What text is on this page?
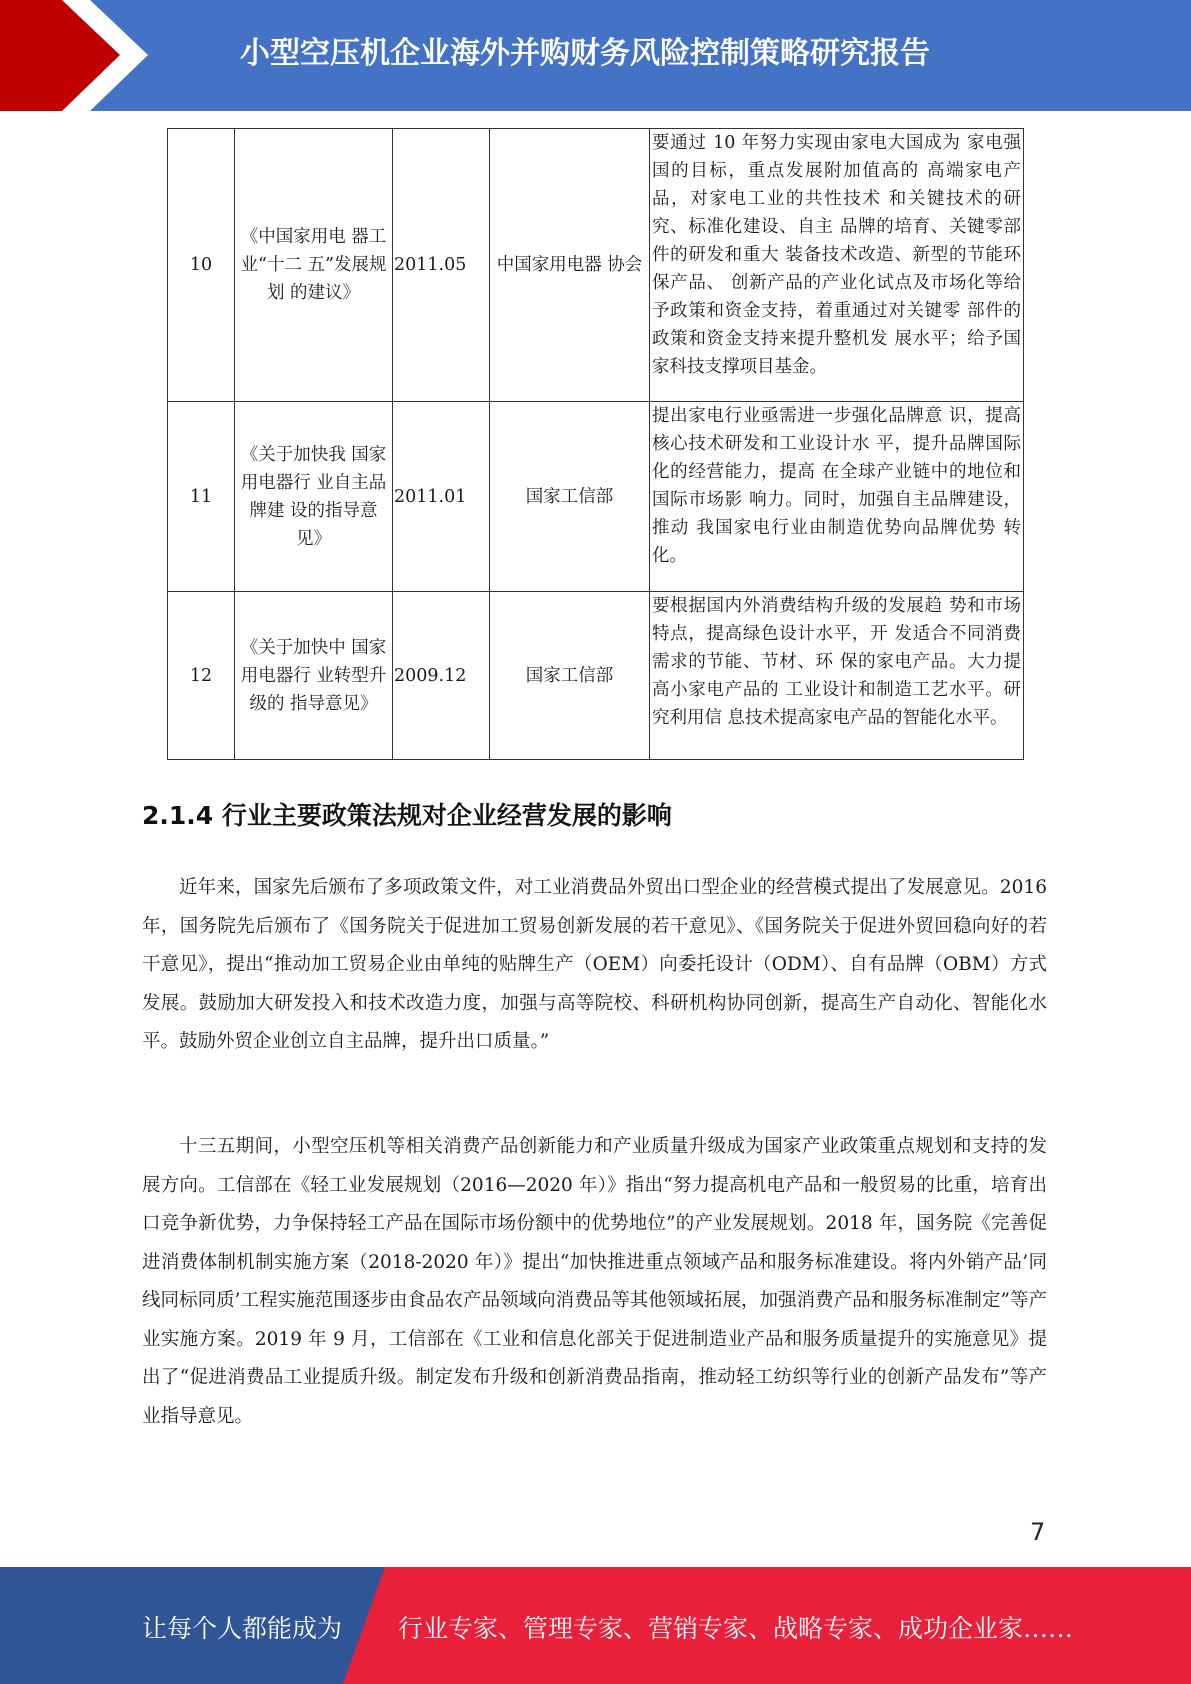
小型空压机企业海外并购财务风险控制策略研究报告
10	《中国家用电 器工业“十二 五”发展规划 的建议》	2011.05	中国家用电器 协会	要通过 10 年努力实现由家电大国成为 家电强国的目标，重点发展附加值高的 高端家电产品，对家电工业的共性技术 和关键技术的研究、标准化建设、自主 品牌的培育、关键零部件的研发和重大 装备技术改造、新型的节能环保产品、 创新产品的产业化试点及市场化等给 予政策和资金支持，着重通过对关键零 部件的政策和资金支持来提升整机发 展水平；给予国家科技支撑项目基金。
11	《关于加快我 国家用电器行 业自主品牌建 设的指导意 见》	2011.01	国家工信部	提出家电行业亟需进一步强化品牌意 识，提高核心技术研发和工业设计水 平，提升品牌国际化的经营能力，提高 在全球产业链中的地位和国际市场影 响力。同时，加强自主品牌建设，推动 我国家电行业由制造优势向品牌优势 转化。
12	《关于加快中 国家用电器行 业转型升级的 指导意见》	2009.12	国家工信部	要根据国内外消费结构升级的发展趋 势和市场特点，提高绿色设计水平，开 发适合不同消费需求的节能、节材、环 保的家电产品。大力提高小家电产品的 工业设计和制造工艺水平。研究利用信 息技术提高家电产品的智能化水平。
2.1.4 行业主要政策法规对企业经营发展的影响

近年来，国家先后颁布了多项政策文件，对工业消费品外贸出口型企业的经营模式提出了发展意见。2016 年，国务院先后颁布了《国务院关于促进加工贸易创新发展的若干意见》、《国务院关于促进外贸回稳向好的若干意见》，提出“推动加工贸易企业由单纯的贴牌生产（OEM）向委托设计（ODM）、自有品牌（OBM）方式发展。鼓励加大研发投入和技术改造力度，加强与高等院校、科研机构协同创新，提高生产自动化、智能化水平。鼓励外贸企业创立自主品牌，提升出口质量。”

十三五期间，小型空压机等相关消费产品创新能力和产业质量升级成为国家产业政策重点规划和支持的发展方向。工信部在《轻工业发展规划（2016—2020 年）》指出“努力提高机电产品和一般贸易的比重，培育出口竞争新优势，力争保持轻工产品在国际市场份额中的优势地位”的产业发展规划。2018 年，国务院《完善促进消费体制机制实施方案（2018-2020 年）》提出“加快推进重点领域产品和服务标准建设。将内外销产品’同线同标同质’工程实施范围逐步由食品农产品领域向消费品等其他领域拓展，加强消费产品和服务标准制定”等产业实施方案。2019 年 9 月，工信部在《工业和信息化部关于促进制造业产品和服务质量提升的实施意见》提出了“促进消费品工业提质升级。制定发布升级和创新消费品指南，推动轻工纺织等行业的创新产品发布”等产业指导意见。

7
让每个人都能成为 行业专家、管理专家、营销专家、战略专家、成功企业家……
